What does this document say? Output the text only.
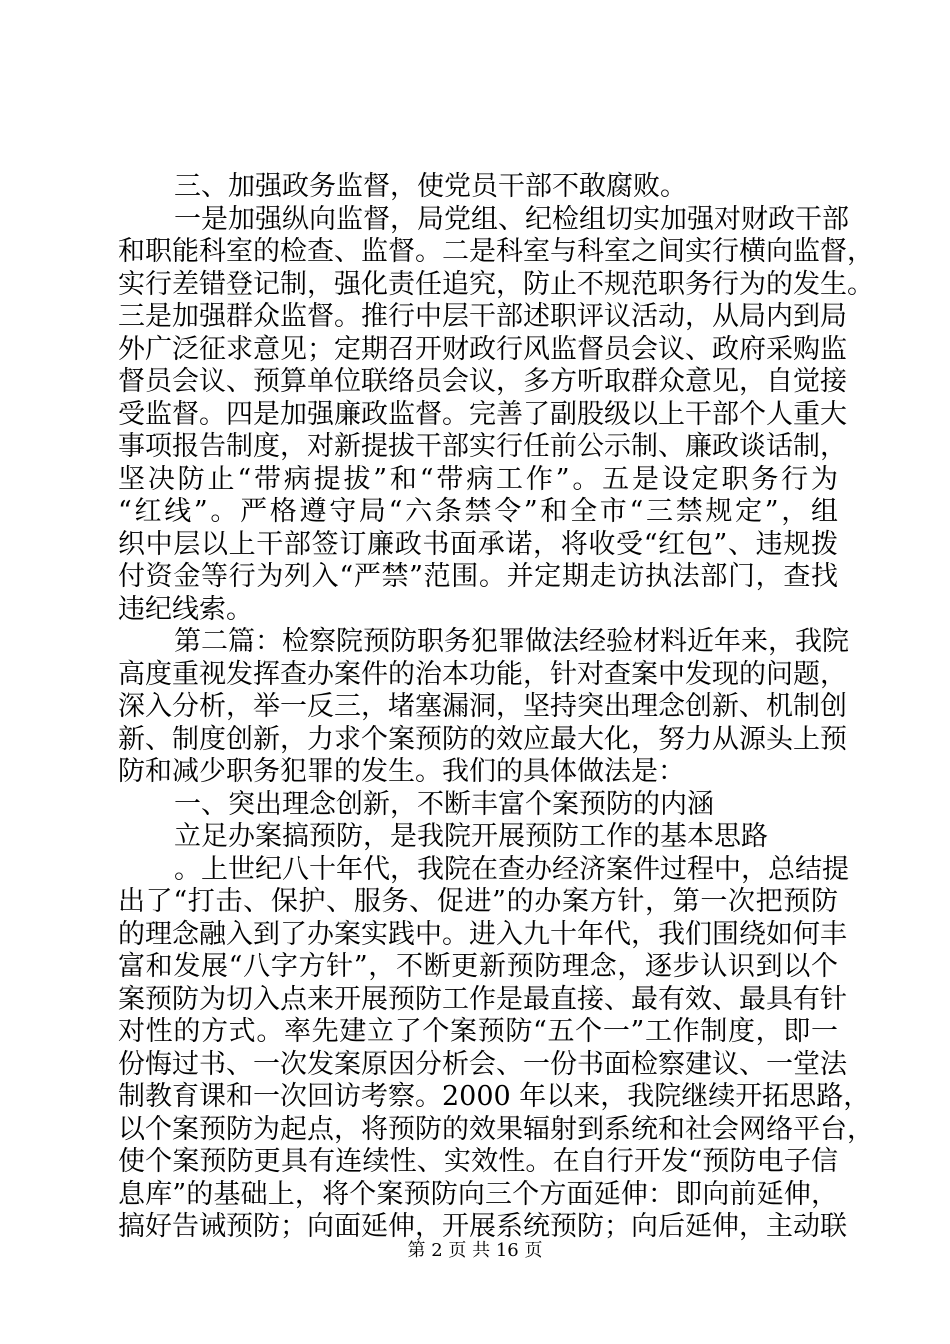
三、加强政务监督，使党员干部不敢腐败。
一是加强纵向监督，局党组、纪检组切实加强对财政干部
和职能科室的检查、监督。二是科室与科室之间实行横向监督，
实行差错登记制，强化责任追究，防止不规范职务行为的发生。
三是加强群众监督。推行中层干部述职评议活动，从局内到局
外广泛征求意见；定期召开财政行风监督员会议、政府采购监
督员会议、预算单位联络员会议，多方听取群众意见，自觉接
受监督。四是加强廉政监督。完善了副股级以上干部个人重大
事项报告制度，对新提拔干部实行任前公示制、廉政谈话制，
坚决防止“带病提拔”和“带病工作”。五是设定职务行为
“红线”。严格遵守局“六条禁令”和全市“三禁规定”，组
织中层以上干部签订廉政书面承诺，将收受“红包”、违规拨
付资金等行为列入“严禁”范围。并定期走访执法部门，查找
违纪线索。
第二篇：检察院预防职务犯罪做法经验材料近年来，我院
高度重视发挥查办案件的治本功能，针对查案中发现的问题，
深入分析，举一反三，堵塞漏洞，坚持突出理念创新、机制创
新、制度创新，力求个案预防的效应最大化，努力从源头上预
防和减少职务犯罪的发生。我们的具体做法是：
一、突出理念创新，不断丰富个案预防的内涵
立足办案搞预防，是我院开展预防工作的基本思路
。上世纪八十年代，我院在查办经济案件过程中，总结提
出了“打击、保护、服务、促进”的办案方针，第一次把预防
的理念融入到了办案实践中。进入九十年代，我们围绕如何丰
富和发展“八字方针”，不断更新预防理念，逐步认识到以个
案预防为切入点来开展预防工作是最直接、最有效、最具有针
对性的方式。率先建立了个案预防“五个一”工作制度，即一
份悔过书、一次发案原因分析会、一份书面检察建议、一堂法
制教育课和一次回访考察。2000 年以来，我院继续开拓思路，
以个案预防为起点，将预防的效果辐射到系统和社会网络平台，
使个案预防更具有连续性、实效性。在自行开发“预防电子信
息库”的基础上，将个案预防向三个方面延伸：即向前延伸，
搞好告诫预防；向面延伸，开展系统预防；向后延伸，主动联
第 2 页 共 16 页
